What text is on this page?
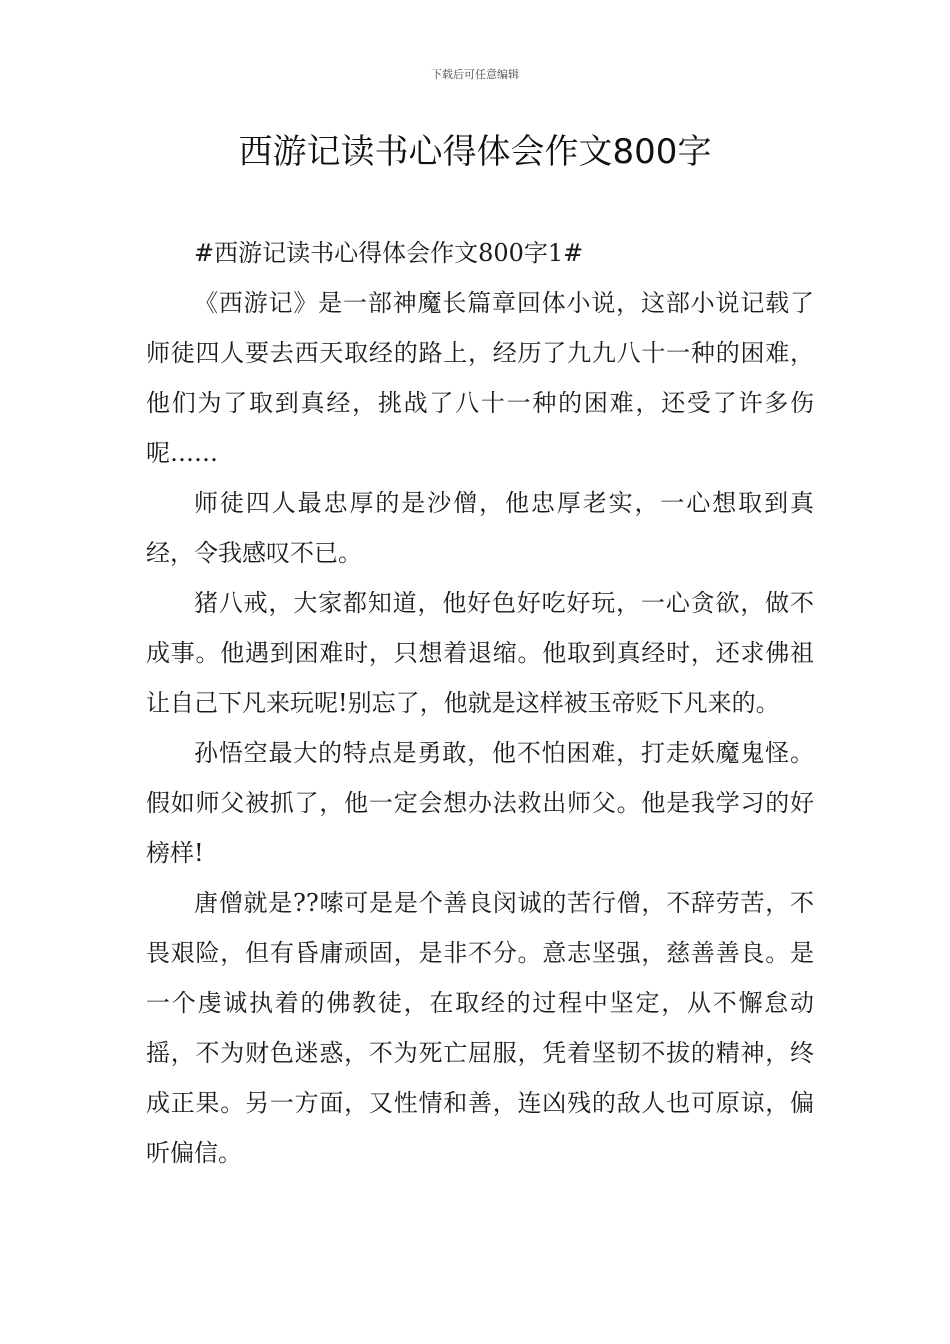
下载后可任意编辑
西游记读书心得体会作文800字

#西游记读书心得体会作文800字1#

《西游记》是一部神魔长篇章回体小说，这部小说记载了师徒四人要去西天取经的路上，经历了九九八十一种的困难，他们为了取到真经，挑战了八十一种的困难，还受了许多伤呢……

师徒四人最忠厚的是沙僧，他忠厚老实，一心想取到真经，令我感叹不已。

猪八戒，大家都知道，他好色好吃好玩，一心贪欲，做不成事。他遇到困难时，只想着退缩。他取到真经时，还求佛祖让自己下凡来玩呢!别忘了，他就是这样被玉帝贬下凡来的。

孙悟空最大的特点是勇敢，他不怕困难，打走妖魔鬼怪。假如师父被抓了，他一定会想办法救出师父。他是我学习的好榜样!

唐僧就是??嗦可是是个善良闵诚的苦行僧，不辞劳苦，不畏艰险，但有昏庸顽固，是非不分。意志坚强，慈善善良。是一个虔诚执着的佛教徒，在取经的过程中坚定，从不懈怠动摇，不为财色迷惑，不为死亡屈服，凭着坚韧不拔的精神，终成正果。另一方面，又性情和善，连凶残的敌人也可原谅，偏听偏信。
